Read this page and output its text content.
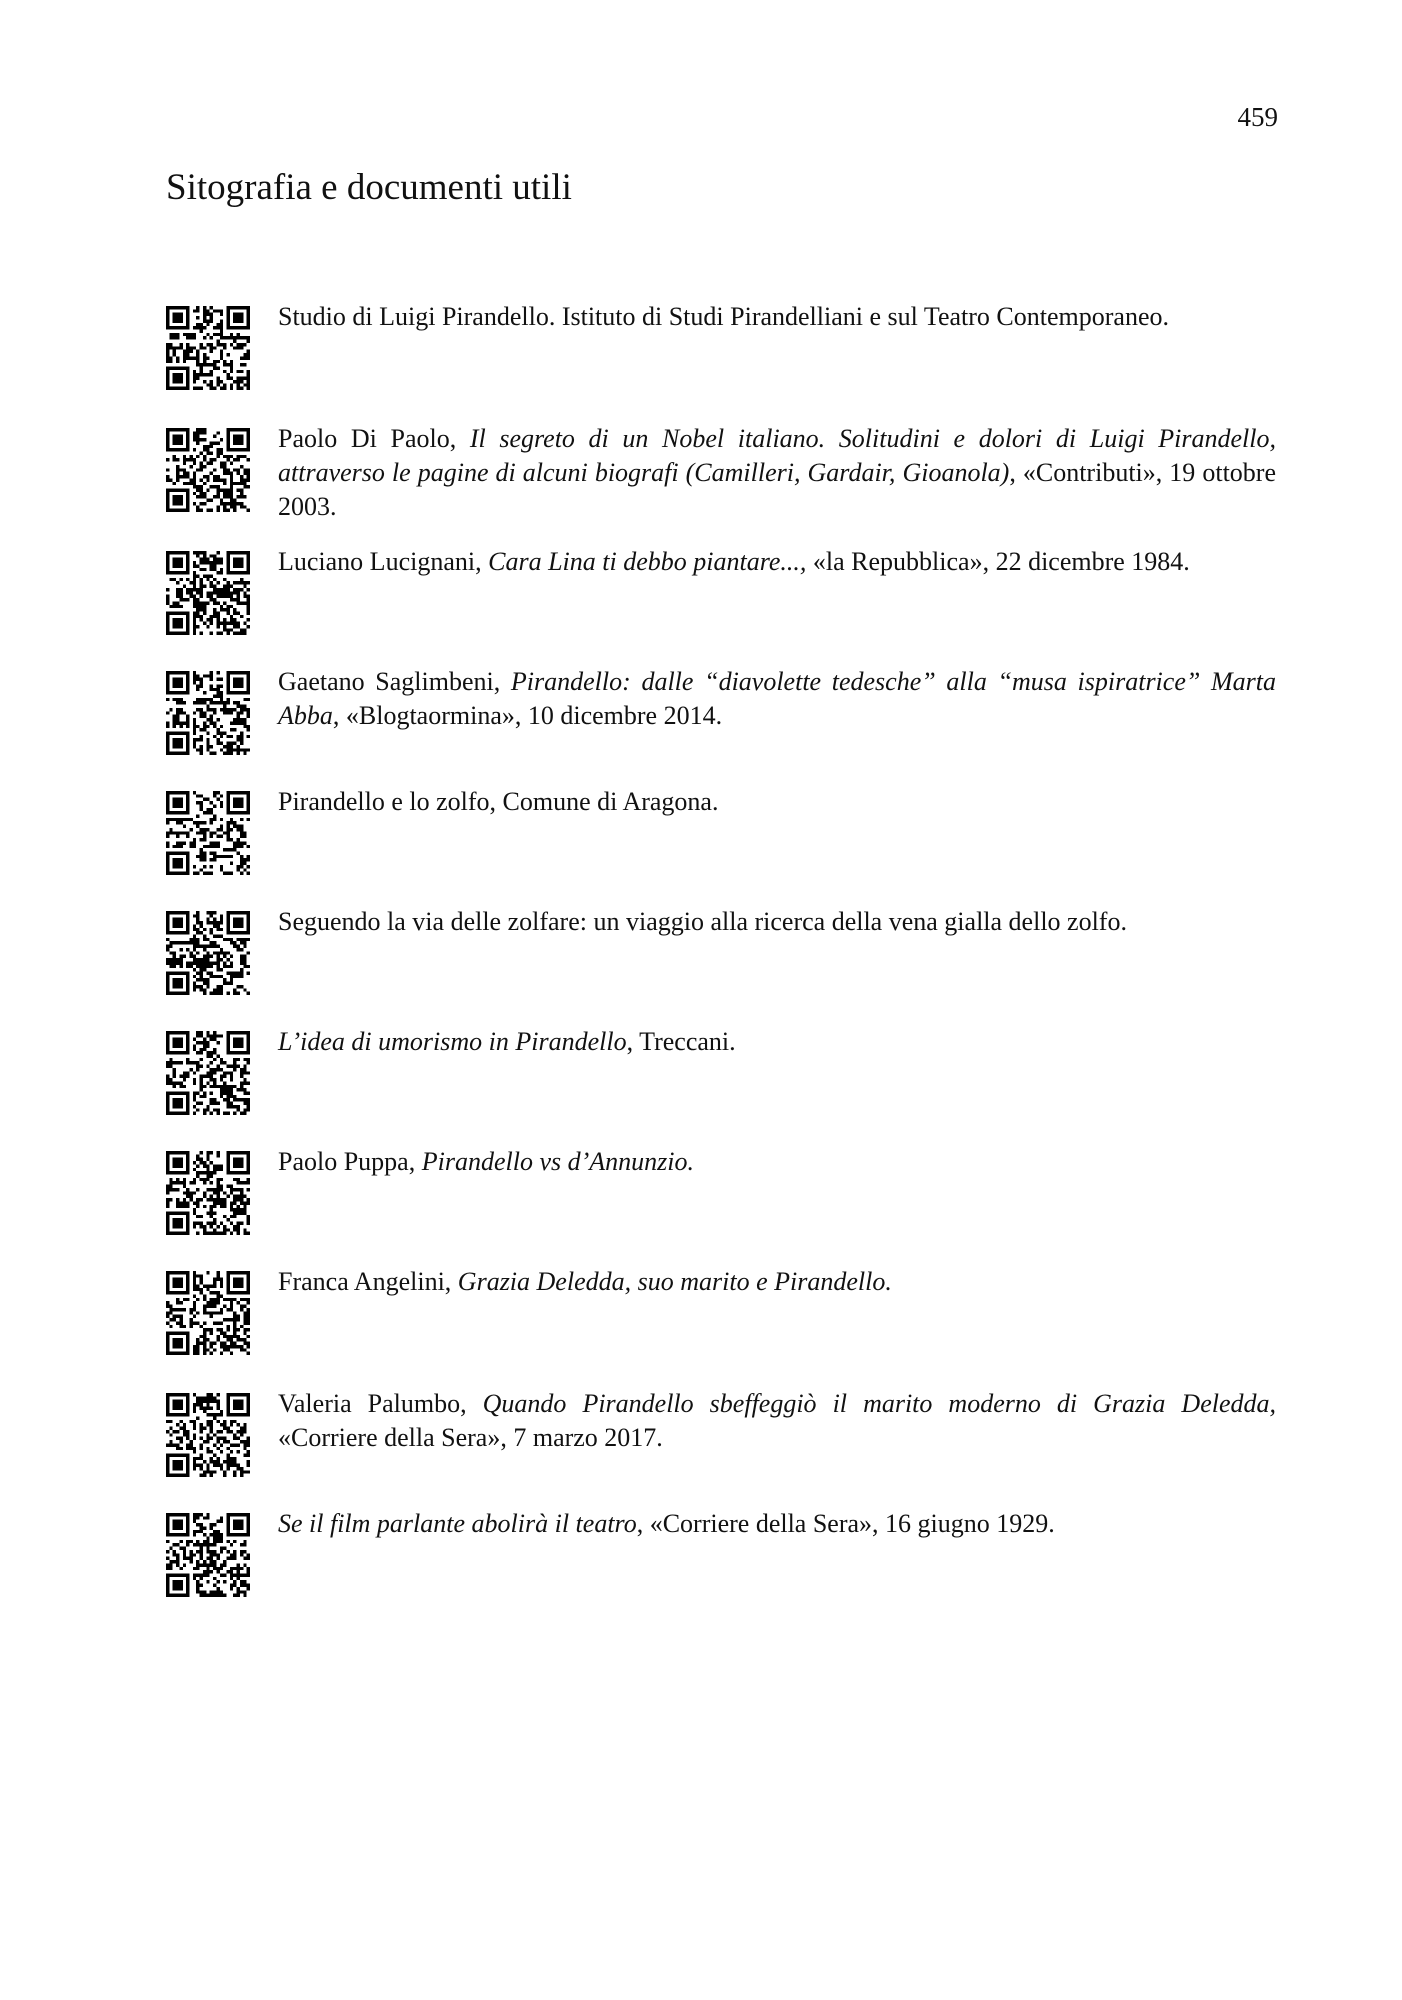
459
Sitografia e documenti utili
Studio di Luigi Pirandello. Istituto di Studi Pirandelliani e sul Teatro Contemporaneo.
Paolo Di Paolo, Il segreto di un Nobel italiano. Solitudini e dolori di Luigi Pirandello, attraverso le pagine di alcuni biografi (Camilleri, Gardair, Gioanola), «Contributi», 19 ottobre 2003.
Luciano Lucignani, Cara Lina ti debbo piantare..., «la Repubblica», 22 dicembre 1984.
Gaetano Saglimbeni, Pirandello: dalle “diavolette tedesche” alla “musa ispiratrice” Marta Abba, «Blogtaormina», 10 dicembre 2014.
Pirandello e lo zolfo, Comune di Aragona.
Seguendo la via delle zolfare: un viaggio alla ricerca della vena gialla dello zolfo.
L’idea di umorismo in Pirandello, Treccani.
Paolo Puppa, Pirandello vs d’Annunzio.
Franca Angelini, Grazia Deledda, suo marito e Pirandello.
Valeria Palumbo, Quando Pirandello sbeffeggiò il marito moderno di Grazia Deledda, «Corriere della Sera», 7 marzo 2017.
Se il film parlante abolirà il teatro, «Corriere della Sera», 16 giugno 1929.
